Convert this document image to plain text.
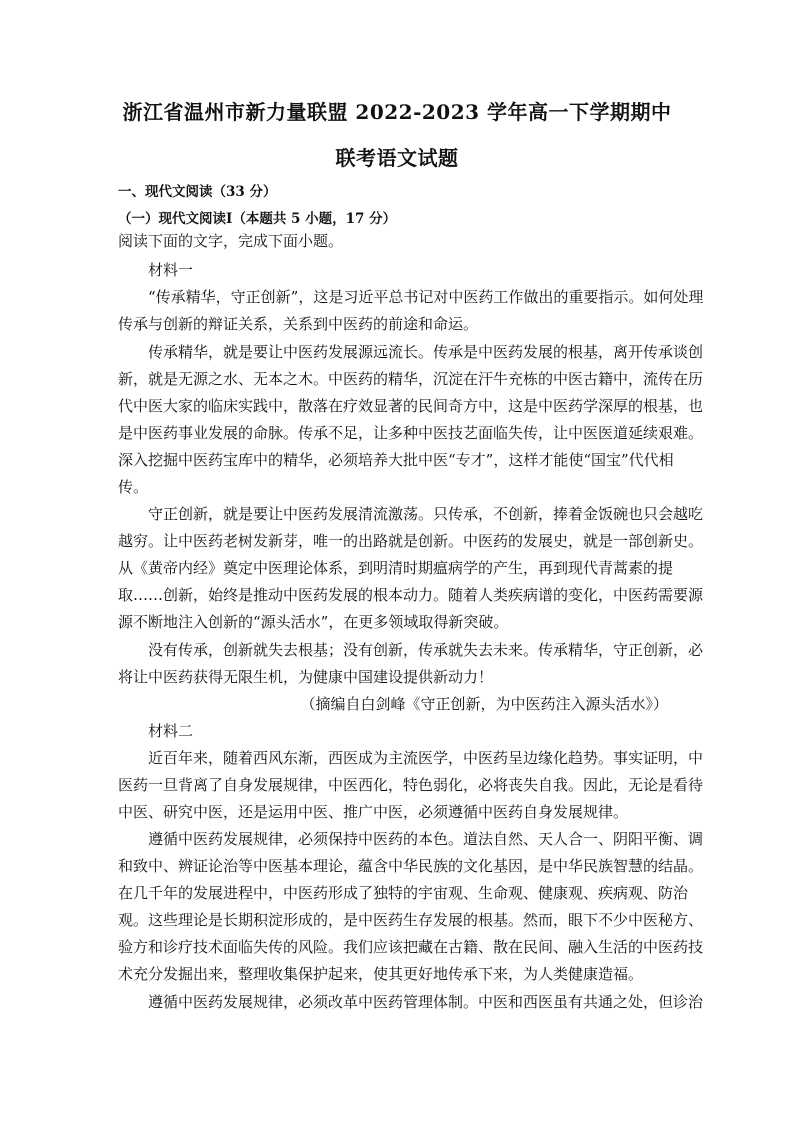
浙江省温州市新力量联盟 2022-2023 学年高一下学期期中
联考语文试题
一、现代文阅读（33 分）
（一）现代文阅读Ⅰ（本题共 5 小题，17 分）
阅读下面的文字，完成下面小题。
材料一
“传承精华，守正创新”，这是习近平总书记对中医药工作做出的重要指示。如何处理
传承与创新的辩证关系，关系到中医药的前途和命运。
传承精华，就是要让中医药发展源远流长。传承是中医药发展的根基，离开传承谈创
新，就是无源之水、无本之木。中医药的精华，沉淀在汗牛充栋的中医古籍中，流传在历
代中医大家的临床实践中，散落在疗效显著的民间奇方中，这是中医药学深厚的根基，也
是中医药事业发展的命脉。传承不足，让多种中医技艺面临失传，让中医医道延续艰难。
深入挖掘中医药宝库中的精华，必须培养大批中医“专才”，这样才能使“国宝”代代相
传。
守正创新，就是要让中医药发展清流激荡。只传承，不创新，捧着金饭碗也只会越吃
越穷。让中医药老树发新芽，唯一的出路就是创新。中医药的发展史，就是一部创新史。
从《黄帝内经》奠定中医理论体系，到明清时期瘟病学的产生，再到现代青蒿素的提
取……创新，始终是推动中医药发展的根本动力。随着人类疾病谱的变化，中医药需要源
源不断地注入创新的“源头活水”，在更多领域取得新突破。
没有传承，创新就失去根基；没有创新，传承就失去未来。传承精华，守正创新，必
将让中医药获得无限生机，为健康中国建设提供新动力！
（摘编自白剑峰《守正创新，为中医药注入源头活水》）
材料二
近百年来，随着西风东渐，西医成为主流医学，中医药呈边缘化趋势。事实证明，中
医药一旦背离了自身发展规律，中医西化，特色弱化，必将丧失自我。因此，无论是看待
中医、研究中医，还是运用中医、推广中医，必须遵循中医药自身发展规律。
遵循中医药发展规律，必须保持中医药的本色。道法自然、天人合一、阴阳平衡、调
和致中、辨证论治等中医基本理论，蕴含中华民族的文化基因，是中华民族智慧的结晶。
在几千年的发展进程中，中医药形成了独特的宇宙观、生命观、健康观、疾病观、防治
观。这些理论是长期积淀形成的，是中医药生存发展的根基。然而，眼下不少中医秘方、
验方和诊疗技术面临失传的风险。我们应该把藏在古籍、散在民间、融入生活的中医药技
术充分发掘出来，整理收集保护起来，使其更好地传承下来，为人类健康造福。
遵循中医药发展规律，必须改革中医药管理体制。中医和西医虽有共通之处，但诊治
